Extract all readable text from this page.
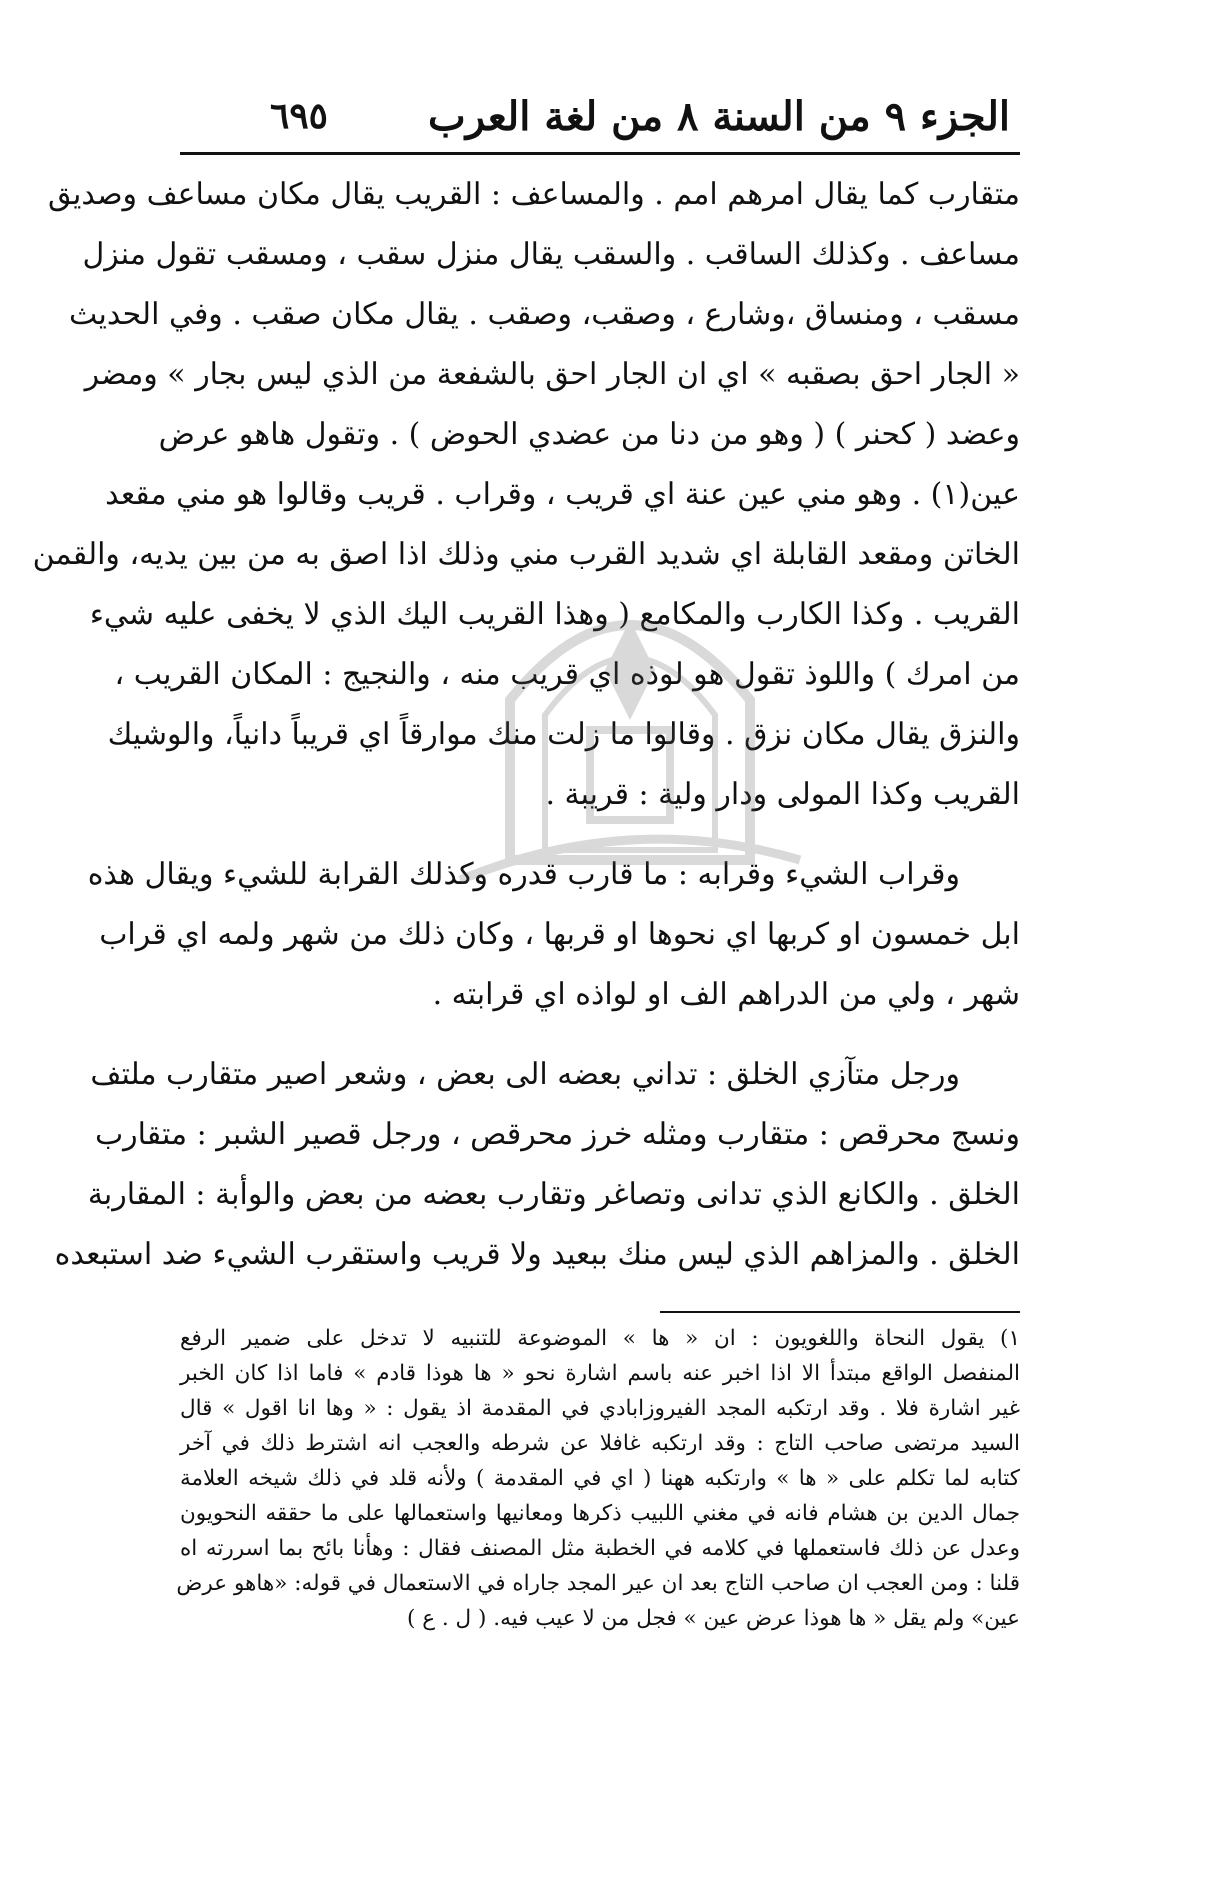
الجزء ٩ من السنة ٨ من لغة العرب
٦٩٥
متقارب كما يقال امرهم امم . والمساعف : القريب يقال مكان مساعف وصديق
مساعف . وكذلك الساقب . والسقب يقال منزل سقب ، ومسقب تقول منزل
مسقب ، ومنساق ،وشارع ، وصقب، وصقب . يقال مكان صقب . وفي الحديث
« الجار احق بصقبه » اي ان الجار احق بالشفعة من الذي ليس بجار » ومضر
وعضد ( كحنر ) ( وهو من دنا من عضدي الحوض ) . وتقول هاهو عرض
عين(١) . وهو مني عين عنة اي قريب ، وقراب . قريب وقالوا هو مني مقعد
الخاتن ومقعد القابلة اي شديد القرب مني وذلك اذا اصق به من بين يديه، والقمن
القريب . وكذا الكارب والمكامع ( وهذا القريب اليك الذي لا يخفى عليه شيء
من امرك ) واللوذ تقول هو لوذه اي قريب منه ، والنجيج : المكان القريب ،
والنزق يقال مكان نزق . وقالوا ما زلت منك موارقاً اي قريباً دانياً، والوشيك
القريب وكذا المولى ودار ولية : قريبة .
وقراب الشيء وقرابه : ما قارب قدره وكذلك القرابة للشيء ويقال هذه
ابل خمسون او كربها اي نحوها او قربها ، وكان ذلك من شهر ولمه اي قراب
شهر ، ولي من الدراهم الف او لواذه اي قرابته .
ورجل متآزي الخلق : تداني بعضه الى بعض ، وشعر اصير متقارب ملتف
ونسج محرقص : متقارب ومثله خرز محرقص ، ورجل قصير الشبر : متقارب
الخلق . والكانع الذي تدانى وتصاغر وتقارب بعضه من بعض والوأبة : المقاربة
الخلق . والمزاهم الذي ليس منك ببعيد ولا قريب واستقرب الشيء ضد استبعده
١) يقول النحاة واللغويون : ان « ها » الموضوعة للتنبيه لا تدخل على ضمير الرفع
المنفصل الواقع مبتدأ الا اذا اخبر عنه باسم اشارة نحو « ها هوذا قادم » فاما اذا كان الخبر
غير اشارة فلا . وقد ارتكبه المجد الفيروزابادي في المقدمة اذ يقول : « وها انا اقول » قال
السيد مرتضى صاحب التاج : وقد ارتكبه غافلا عن شرطه والعجب انه اشترط ذلك في آخر
كتابه لما تكلم على « ها » وارتكبه ههنا ( اي في المقدمة ) ولأنه قلد في ذلك شيخه العلامة
جمال الدين بن هشام فانه في مغني اللبيب ذكرها ومعانيها واستعمالها على ما حققه النحويون
وعدل عن ذلك فاستعملها في كلامه في الخطبة مثل المصنف فقال : وهأنا بائح بما اسررته اه
قلنا : ومن العجب ان صاحب التاج بعد ان عير المجد جاراه في الاستعمال في قوله: «هاهو عرض
عين» ولم يقل « ها هوذا عرض عين » فجل من لا عيب فيه. ( ل . ع )
